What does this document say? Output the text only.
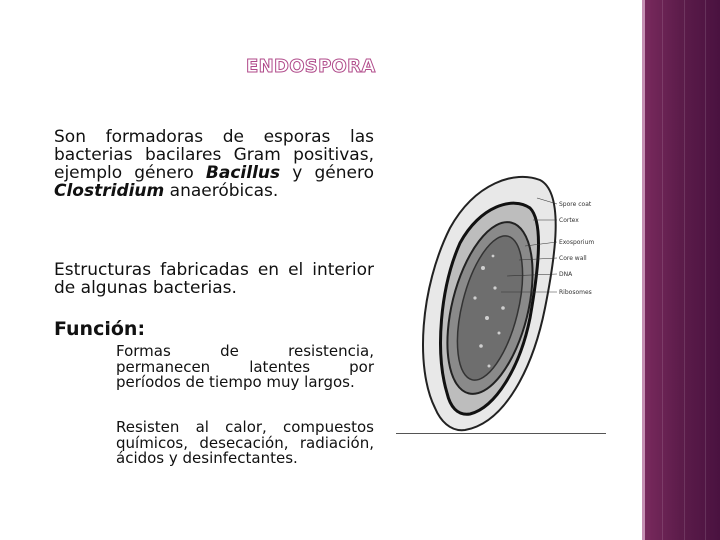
ENDOSPORA

Son formadoras de esporas las bacterias bacilares Gram positivas, ejemplo género Bacillus y género Clostridium anaeróbicas.

Estructuras fabricadas en el interior de algunas bacterias.

Función:
Formas de resistencia, permanecen latentes por períodos de tiempo muy largos.
Resisten al calor, compuestos químicos, desecación, radiación, ácidos y desinfectantes.
Spore coat
Cortex
Exosporium
Core wall
DNA
Ribosomes
